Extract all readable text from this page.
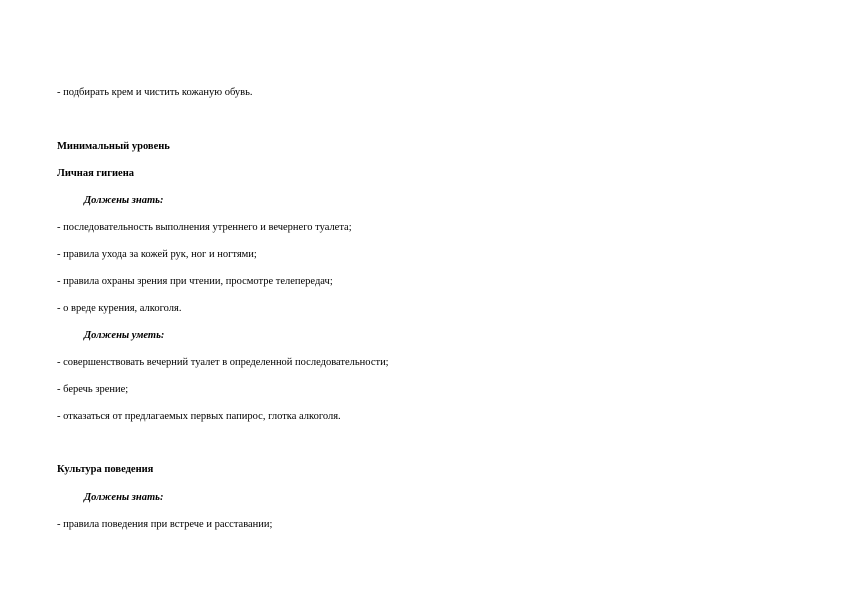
- подбирать крем и чистить кожаную обувь.
Минимальный уровень
Личная гигиена
Должены знать:
- последовательность выполнения утреннего и вечернего туалета;
- правила ухода за кожей рук, ног и ногтями;
- правила охраны зрения при чтении, просмотре телепередач;
- о вреде курения, алкоголя.
Должены уметь:
- совершенствовать вечерний туалет в определенной последовательности;
- беречь зрение;
- отказаться от предлагаемых первых папирос, глотка алкоголя.
Культура поведения
Должены знать:
- правила поведения при встрече и расставании;
